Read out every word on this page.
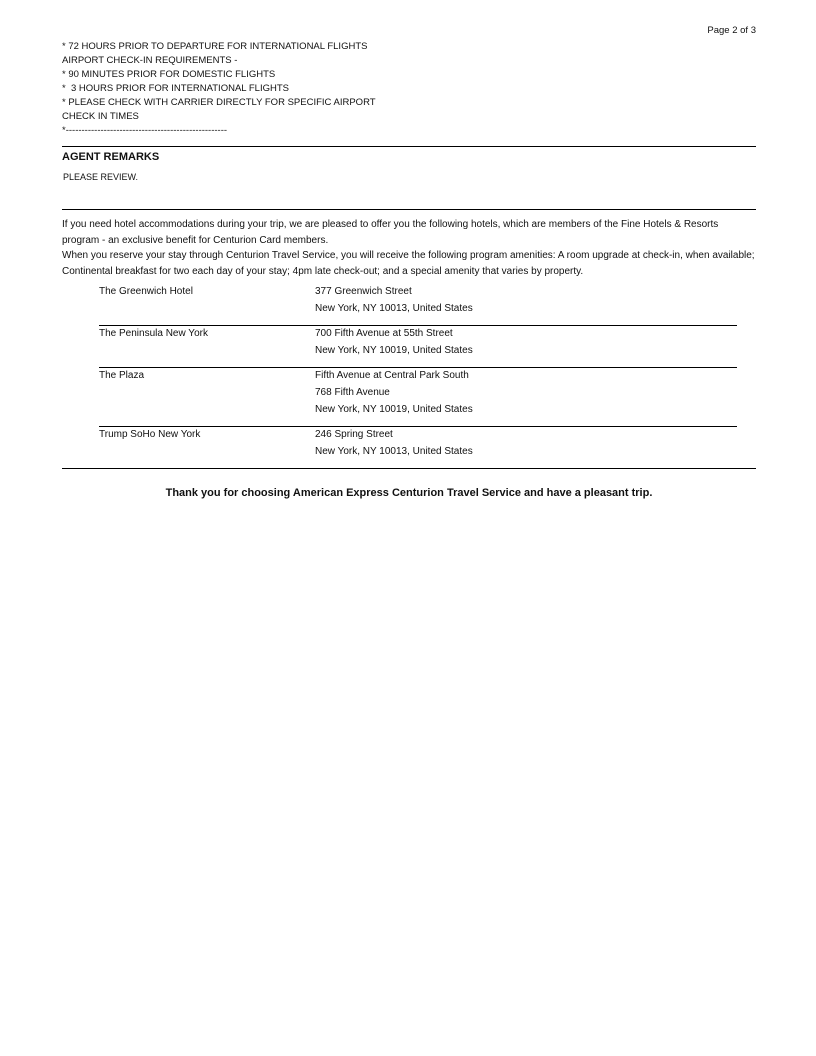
Page 2 of 3
* 72 HOURS PRIOR TO DEPARTURE FOR INTERNATIONAL FLIGHTS
AIRPORT CHECK-IN REQUIREMENTS -
* 90 MINUTES PRIOR FOR DOMESTIC FLIGHTS
*  3 HOURS PRIOR FOR INTERNATIONAL FLIGHTS
* PLEASE CHECK WITH CARRIER DIRECTLY FOR SPECIFIC AIRPORT
CHECK IN TIMES
*---------------------------------------------------
AGENT REMARKS
PLEASE REVIEW.
If you need hotel accommodations during your trip, we are pleased to offer you the following hotels, which are members of the Fine Hotels & Resorts program - an exclusive benefit for Centurion Card members.
When you reserve your stay through Centurion Travel Service, you will receive the following program amenities: A room upgrade at check-in, when available; Continental breakfast for two each day of your stay; 4pm late check-out; and a special amenity that varies by property.
The Greenwich Hotel	377 Greenwich Street
New York, NY 10013, United States
The Peninsula New York	700 Fifth Avenue at 55th Street
New York, NY 10019, United States
The Plaza	Fifth Avenue at Central Park South
768 Fifth Avenue
New York, NY 10019, United States
Trump SoHo New York	246 Spring Street
New York, NY 10013, United States
Thank you for choosing American Express Centurion Travel Service and have a pleasant trip.
